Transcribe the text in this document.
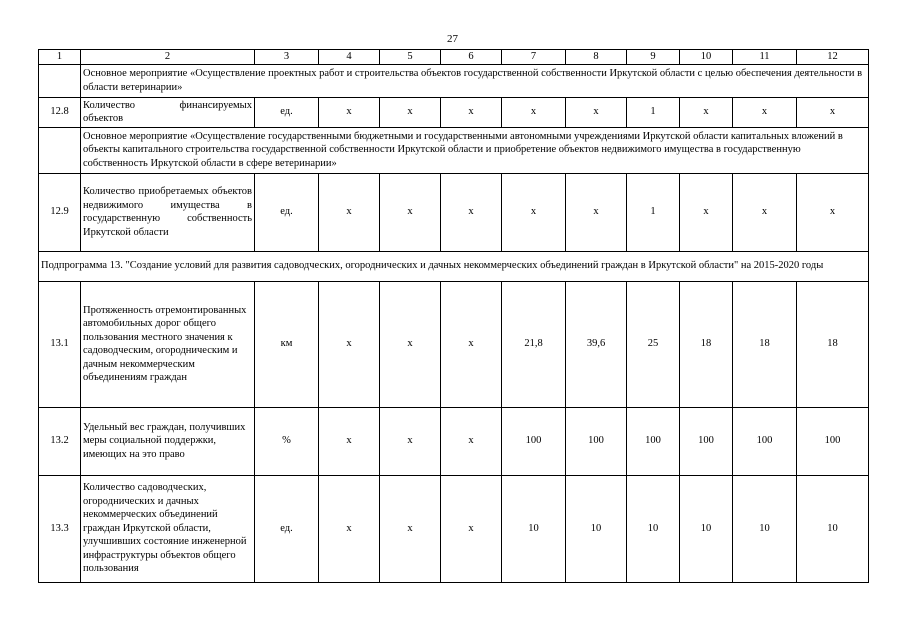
27
1	2	3	4	5	6	7	8	9	10	11	12
	Основное мероприятие «Осуществление проектных работ и строительства объектов государственной собственности Иркутской области с целью обеспечения деятельности в области ветеринарии»										
12.8	Количество финансируемых объектов	ед.	х	х	х	х	х	1	х	х	х
	Основное мероприятие «Осуществление государственными бюджетными и государственными автономными учреждениями Иркутской области капитальных вложений в объекты капитального строительства государственной собственности Иркутской области и приобретение объектов недвижимого имущества в государственную собственность Иркутской области в сфере ветеринарии»										
12.9	Количество приобретаемых объектов недвижимого имущества в государственную собственность Иркутской области	ед.	х	х	х	х	х	1	х	х	х
Подпрограмма 13. "Создание условий для развития садоводческих, огороднических и дачных некоммерческих объединений граждан в Иркутской области" на 2015-2020 годы											
13.1	Протяженность отремонтированных автомобильных дорог общего пользования местного значения к садоводческим, огородническим и дачным некоммерческим объединениям граждан	км	х	х	х	21,8	39,6	25	18	18	18
13.2	Удельный вес граждан, получивших меры социальной поддержки, имеющих на это право	%	х	х	х	100	100	100	100	100	100
13.3	Количество садоводческих, огороднических и дачных некоммерческих объединений граждан Иркутской области, улучшивших состояние инженерной инфраструктуры объектов общего пользования	ед.	х	х	х	10	10	10	10	10	10
